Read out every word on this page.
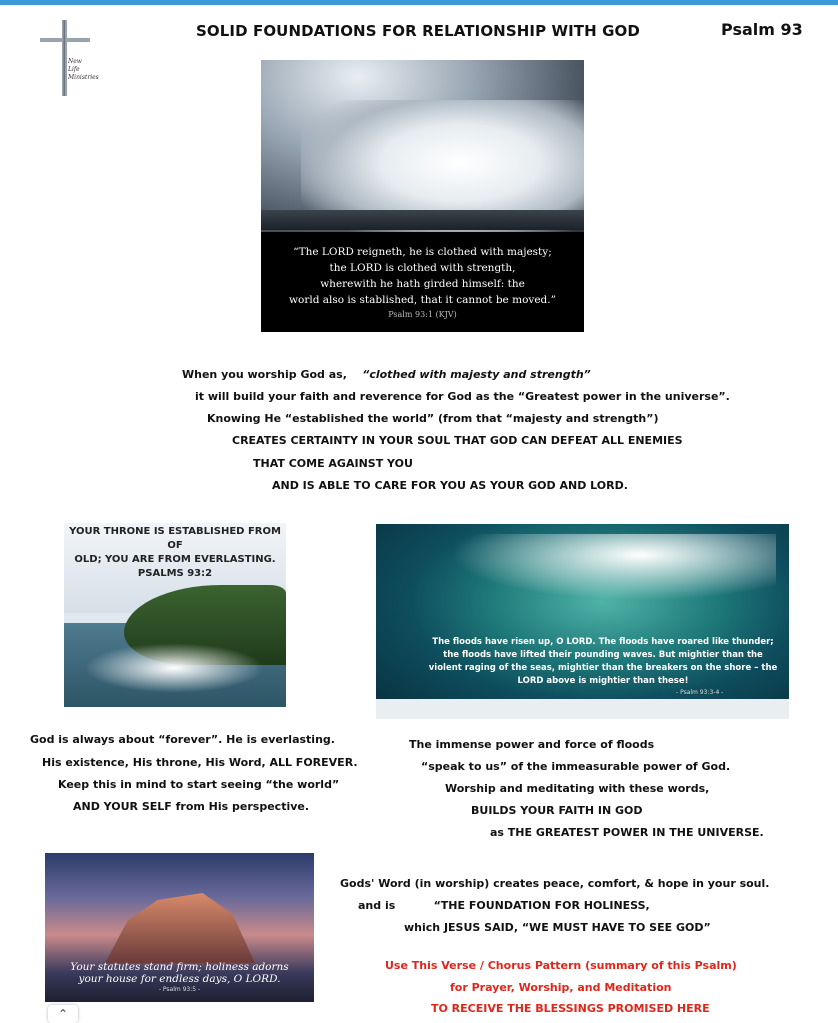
New
Life
Ministries
SOLID FOUNDATIONS FOR RELATIONSHIP WITH GOD	Psalm 93
“The LORD reigneth, he is clothed with majesty;
the LORD is clothed with strength,
wherewith he hath girded himself: the
world also is stablished, that it cannot be moved.”
Psalm 93:1 (KJV)
When you worship God as, “clothed with majesty and strength”
it will build your faith and reverence for God as the “Greatest power in the universe”.
Knowing He “established the world” (from that “majesty and strength”)
CREATES CERTAINTY IN YOUR SOUL THAT GOD CAN DEFEAT ALL ENEMIES
THAT COME AGAINST YOU
AND IS ABLE TO CARE FOR YOU AS YOUR GOD AND LORD.
YOUR THRONE IS ESTABLISHED FROM OF
OLD; YOU ARE FROM EVERLASTING.
PSALMS 93:2
The floods have risen up, O LORD. The floods have roared like thunder; the floods have lifted their pounding waves. But mightier than the violent raging of the seas, mightier than the breakers on the shore – the LORD above is mightier than these!
- Psalm 93:3-4 -
God is always about “forever”. He is everlasting.
His existence, His throne, His Word, ALL FOREVER.
Keep this in mind to start seeing “the world”
AND YOUR SELF from His perspective.
The immense power and force of floods
“speak to us” of the immeasurable power of God.
Worship and meditating with these words,
BUILDS YOUR FAITH IN GOD
as THE GREATEST POWER IN THE UNIVERSE.
Your statutes stand firm; holiness adorns
your house for endless days, O LORD.
- Psalm 93:5 -
Gods' Word (in worship) creates peace, comfort, & hope in your soul.
and is          “THE FOUNDATION FOR HOLINESS,
which JESUS SAID, “WE MUST HAVE TO SEE GOD”
Use This Verse / Chorus Pattern (summary of this Psalm)
for Prayer, Worship, and Meditation
TO RECEIVE THE BLESSINGS PROMISED HERE
⌃
